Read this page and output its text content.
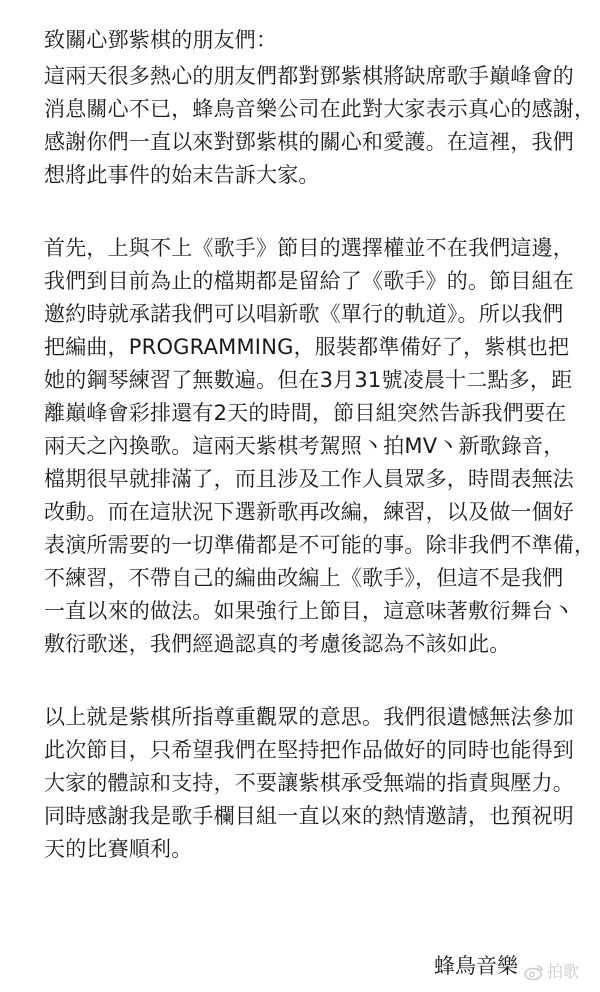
致關心鄧紫棋的朋友們：
這兩天很多熱心的朋友們都對鄧紫棋將缺席歌手巔峰會的
消息關心不已，蜂鳥音樂公司在此對大家表示真心的感謝，
感謝你們一直以來對鄧紫棋的關心和愛護。在這裡，我們
想將此事件的始末告訴大家。
首先，上與不上《歌手》節目的選擇權並不在我們這邊，
我們到目前為止的檔期都是留給了《歌手》的。節目組在
邀約時就承諾我們可以唱新歌《單行的軌道》。所以我們
把編曲，PROGRAMMING，服裝都準備好了，紫棋也把
她的鋼琴練習了無數遍。但在3月31號凌晨十二點多，距
離巔峰會彩排還有2天的時間，節目組突然告訴我們要在
兩天之內換歌。這兩天紫棋考駕照丶拍MV丶新歌錄音，
檔期很早就排滿了，而且涉及工作人員眾多，時間表無法
改動。而在這狀況下選新歌再改編，練習，以及做一個好
表演所需要的一切準備都是不可能的事。除非我們不準備，
不練習，不帶自己的編曲改編上《歌手》，但這不是我們
一直以來的做法。如果強行上節目，這意味著敷衍舞台丶
敷衍歌迷，我們經過認真的考慮後認為不該如此。
以上就是紫棋所指尊重觀眾的意思。我們很遺憾無法參加
此次節目，只希望我們在堅持把作品做好的同時也能得到
大家的體諒和支持，不要讓紫棋承受無端的指責與壓力。
同時感謝我是歌手欄目組一直以來的熱情邀請，也預祝明
天的比賽順利。
蜂鳥音樂 拍歌
